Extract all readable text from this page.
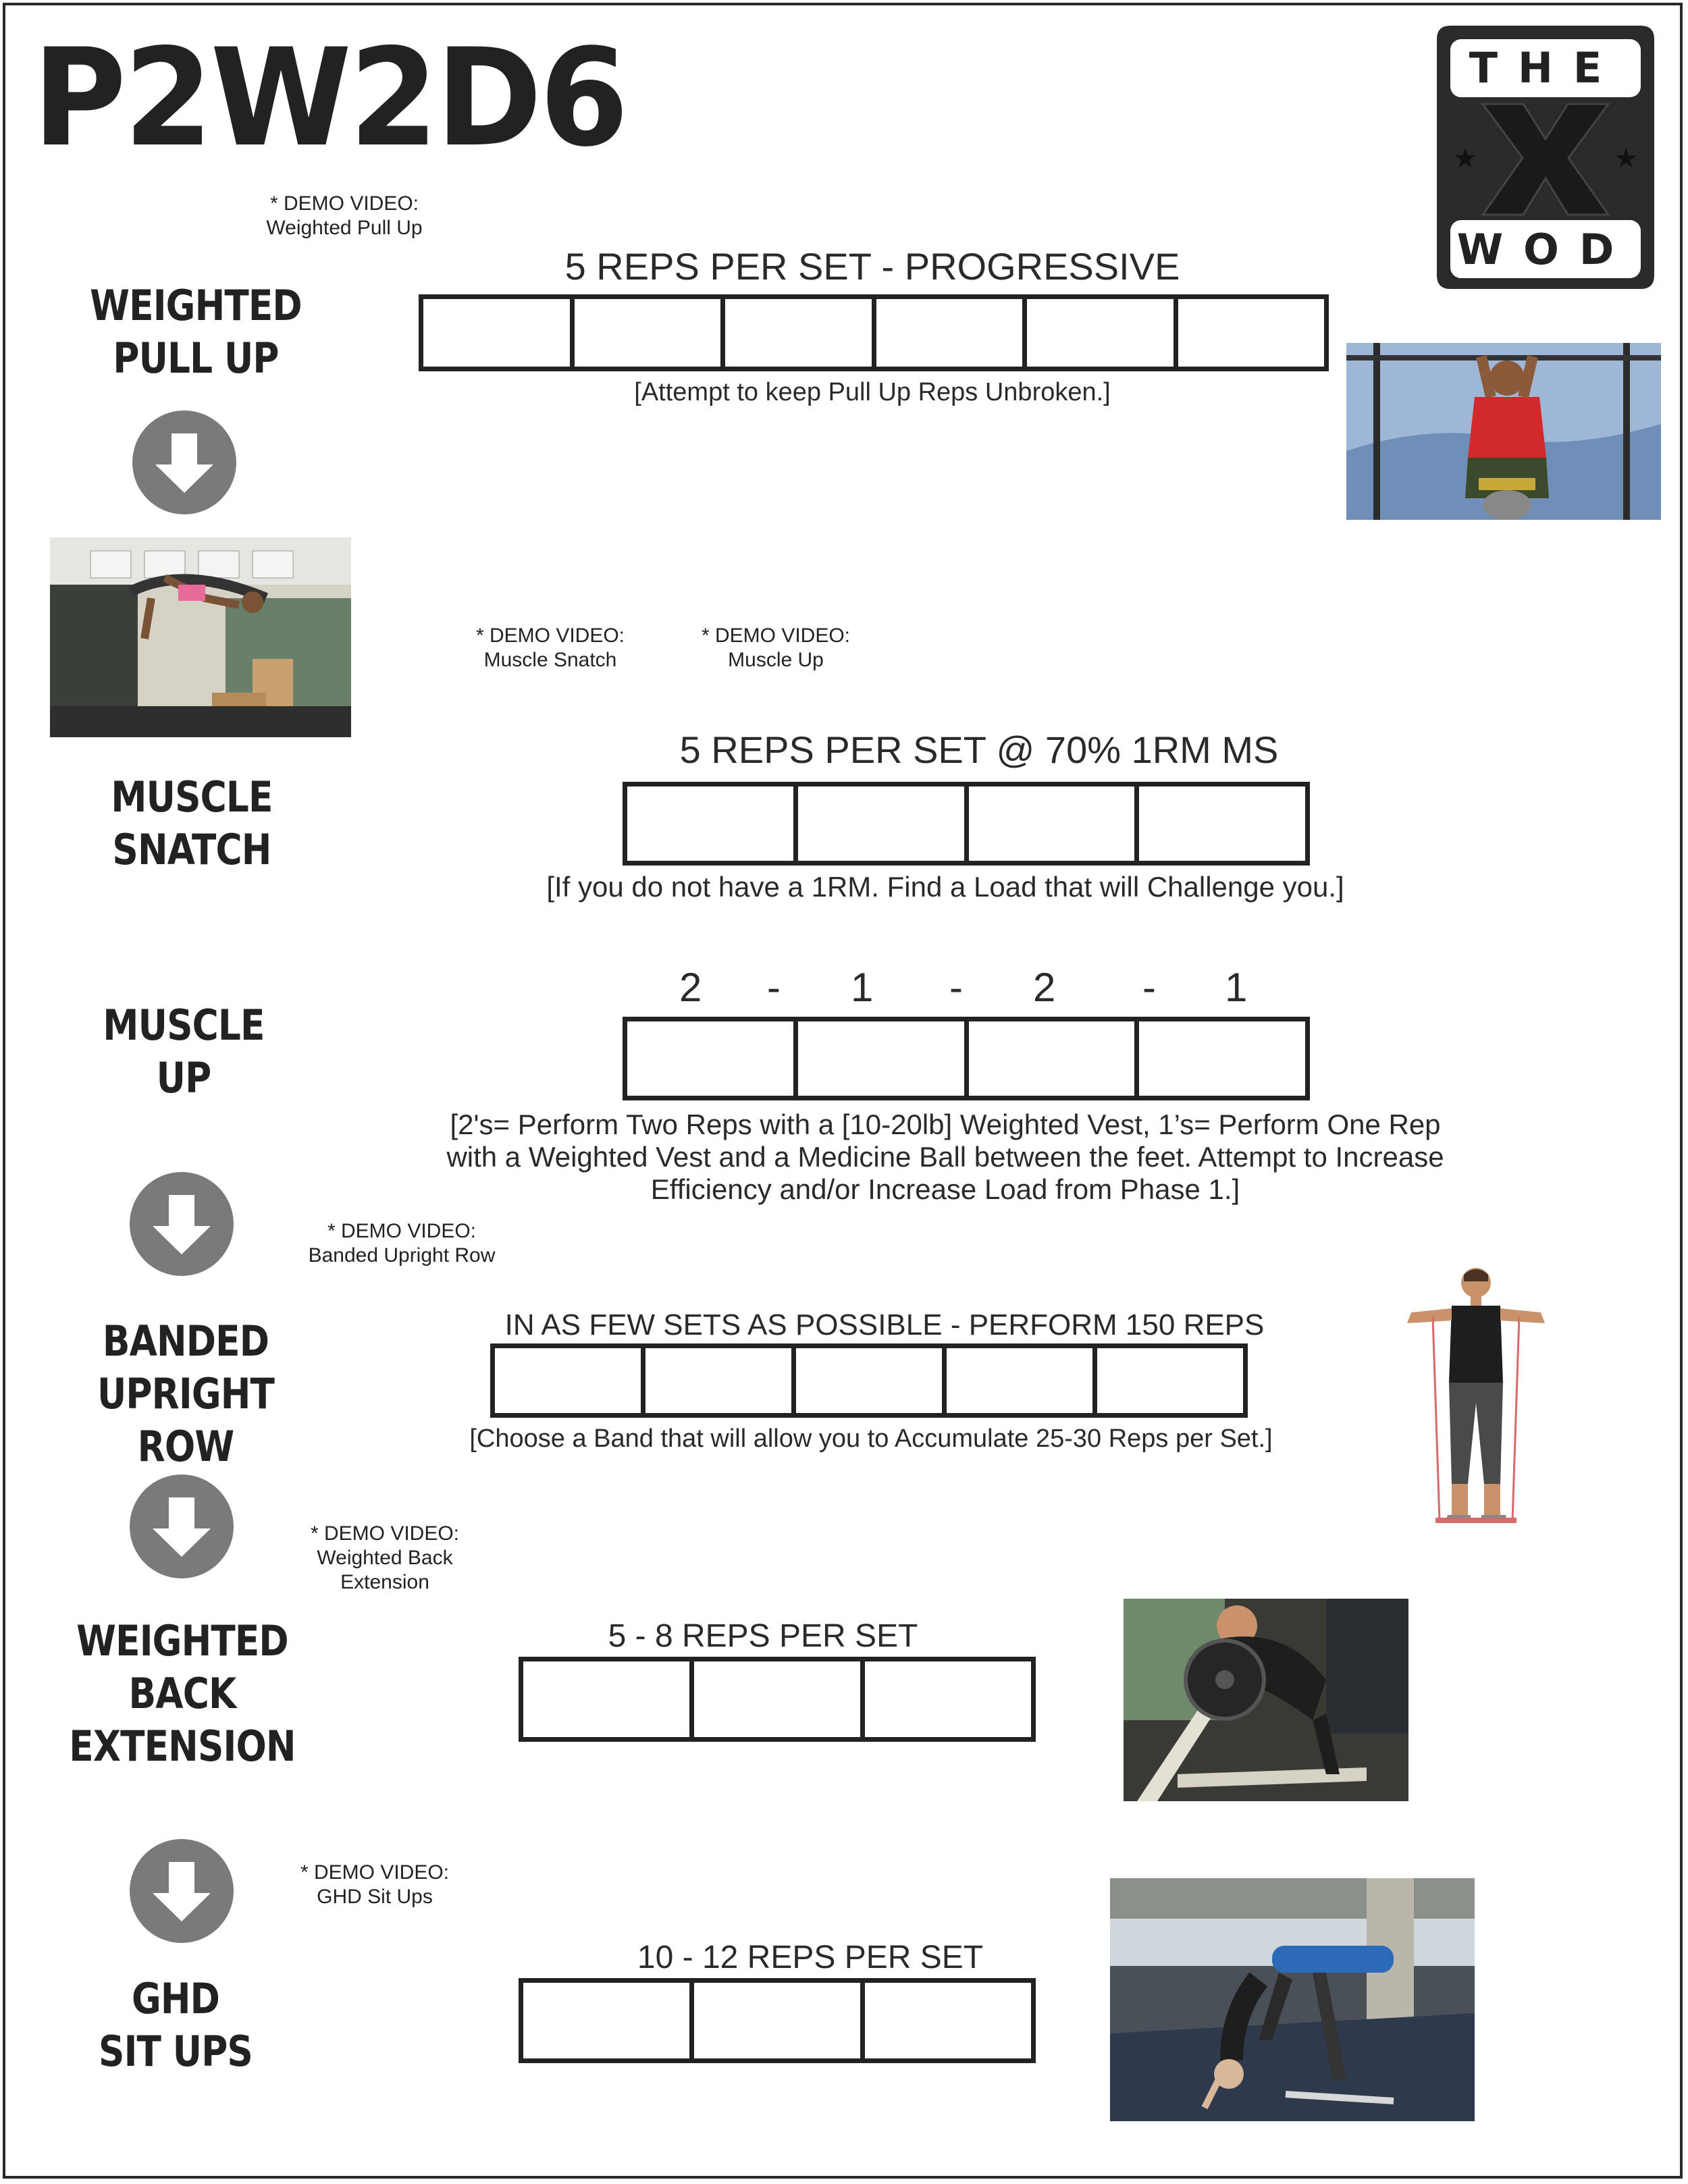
P2W2D6	THE
WOD
★	★
* DEMO VIDEO:
Weighted Pull Up
WEIGHTED
PULL UP
5 REPS PER SET - PROGRESSIVE
[Attempt to keep Pull Up Reps Unbroken.]
* DEMO VIDEO:
Muscle Snatch
* DEMO VIDEO:
Muscle Up
MUSCLE
SNATCH
5 REPS PER SET @ 70% 1RM MS
[If you do not have a 1RM. Find a Load that will Challenge you.]
MUSCLE
UP
2 - 1 - 2 - 1
[2's= Perform Two Reps with a [10-20lb] Weighted Vest, 1’s= Perform One Rep
with a Weighted Vest and a Medicine Ball between the feet. Attempt to Increase
Efficiency and/or Increase Load from Phase 1.]
* DEMO VIDEO:
Banded Upright Row
BANDED
UPRIGHT ROW
IN AS FEW SETS AS POSSIBLE - PERFORM 150 REPS
[Choose a Band that will allow you to Accumulate 25-30 Reps per Set.]
* DEMO VIDEO:
Weighted Back
Extension
WEIGHTED
BACK EXTENSION
5 - 8 REPS PER SET
* DEMO VIDEO:
GHD Sit Ups
GHD
SIT UPS
10 - 12 REPS PER SET
